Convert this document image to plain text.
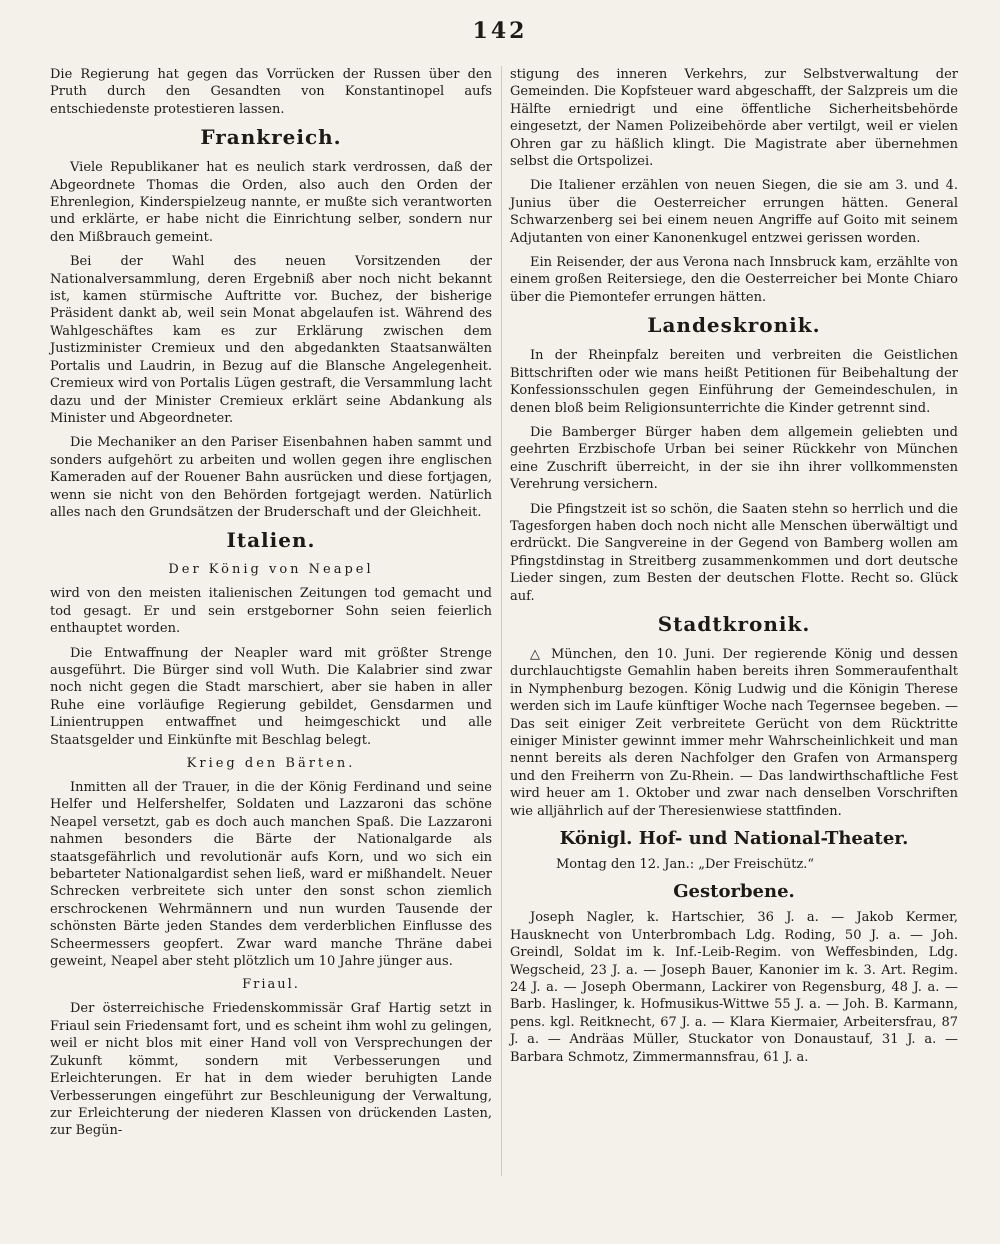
142

Die Regierung hat gegen das Vorrücken der Russen über den Pruth durch den Gesandten von Konstantinopel aufs entschiedenste protestieren lassen.

Frankreich.

Viele Republikaner hat es neulich stark verdrossen, daß der Abgeordnete Thomas die Orden, also auch den Orden der Ehrenlegion, Kinderspielzeug nannte, er mußte sich verantworten und erklärte, er habe nicht die Einrichtung selber, sondern nur den Mißbrauch gemeint.

Bei der Wahl des neuen Vorsitzenden der Nationalversammlung, deren Ergebniß aber noch nicht bekannt ist, kamen stürmische Auftritte vor. Buchez, der bisherige Präsident dankt ab, weil sein Monat abgelaufen ist. Während des Wahlgeschäftes kam es zur Erklärung zwischen dem Justizminister Cremieux und den abgedankten Staatsanwälten Portalis und Laudrin, in Bezug auf die Blansche Angelegenheit. Cremieux wird von Portalis Lügen gestraft, die Versammlung lacht dazu und der Minister Cremieux erklärt seine Abdankung als Minister und Abgeordneter.

Die Mechaniker an den Pariser Eisenbahnen haben sammt und sonders aufgehört zu arbeiten und wollen gegen ihre englischen Kameraden auf der Rouener Bahn ausrücken und diese fortjagen, wenn sie nicht von den Behörden fortgejagt werden. Natürlich alles nach den Grundsätzen der Bruderschaft und der Gleichheit.

Italien.
Der König von Neapel

wird von den meisten italienischen Zeitungen tod gemacht und tod gesagt. Er und sein erstgeborner Sohn seien feierlich enthauptet worden.

Die Entwaffnung der Neapler ward mit größter Strenge ausgeführt. Die Bürger sind voll Wuth. Die Kalabrier sind zwar noch nicht gegen die Stadt marschiert, aber sie haben in aller Ruhe eine vorläufige Regierung gebildet, Gensdarmen und Linientruppen entwaffnet und heimgeschickt und alle Staatsgelder und Einkünfte mit Beschlag belegt.

Krieg den Bärten.

Inmitten all der Trauer, in die der König Ferdinand und seine Helfer und Helfershelfer, Soldaten und Lazzaroni das schöne Neapel versetzt, gab es doch auch manchen Spaß. Die Lazzaroni nahmen besonders die Bärte der Nationalgarde als staatsgefährlich und revolutionär aufs Korn, und wo sich ein bebarteter Nationalgardist sehen ließ, ward er mißhandelt. Neuer Schrecken verbreitete sich unter den sonst schon ziemlich erschrockenen Wehrmännern und nun wurden Tausende der schönsten Bärte jeden Standes dem verderblichen Einflusse des Scheermessers geopfert. Zwar ward manche Thräne dabei geweint, Neapel aber steht plötzlich um 10 Jahre jünger aus.

Friaul.

Der österreichische Friedenskommissär Graf Hartig setzt in Friaul sein Friedensamt fort, und es scheint ihm wohl zu gelingen, weil er nicht blos mit einer Hand voll von Versprechungen der Zukunft kömmt, sondern mit Verbesserungen und Erleichterungen. Er hat in dem wieder beruhigten Lande Verbesserungen eingeführt zur Beschleunigung der Verwaltung, zur Erleichterung der niederen Klassen von drückenden Lasten, zur Begün-

stigung des inneren Verkehrs, zur Selbstverwaltung der Gemeinden. Die Kopfsteuer ward abgeschafft, der Salzpreis um die Hälfte erniedrigt und eine öffentliche Sicherheitsbehörde eingesetzt, der Namen Polizeibehörde aber vertilgt, weil er vielen Ohren gar zu häßlich klingt. Die Magistrate aber übernehmen selbst die Ortspolizei.

Die Italiener erzählen von neuen Siegen, die sie am 3. und 4. Junius über die Oesterreicher errungen hätten. General Schwarzenberg sei bei einem neuen Angriffe auf Goito mit seinem Adjutanten von einer Kanonenkugel entzwei gerissen worden.

Ein Reisender, der aus Verona nach Innsbruck kam, erzählte von einem großen Reitersiege, den die Oesterreicher bei Monte Chiaro über die Piemontefer errungen hätten.

Landeskronik.

In der Rheinpfalz bereiten und verbreiten die Geistlichen Bittschriften oder wie mans heißt Petitionen für Beibehaltung der Konfessionsschulen gegen Einführung der Gemeindeschulen, in denen bloß beim Religionsunterrichte die Kinder getrennt sind.

Die Bamberger Bürger haben dem allgemein geliebten und geehrten Erzbischofe Urban bei seiner Rückkehr von München eine Zuschrift überreicht, in der sie ihn ihrer vollkommensten Verehrung versichern.

Die Pfingstzeit ist so schön, die Saaten stehn so herrlich und die Tagesforgen haben doch noch nicht alle Menschen überwältigt und erdrückt. Die Sangvereine in der Gegend von Bamberg wollen am Pfingstdinstag in Streitberg zusammenkommen und dort deutsche Lieder singen, zum Besten der deutschen Flotte. Recht so. Glück auf.

Stadtkronik.

△ München, den 10. Juni. Der regierende König und dessen durchlauchtigste Gemahlin haben bereits ihren Sommeraufenthalt in Nymphenburg bezogen. König Ludwig und die Königin Therese werden sich im Laufe künftiger Woche nach Tegernsee begeben. — Das seit einiger Zeit verbreitete Gerücht von dem Rücktritte einiger Minister gewinnt immer mehr Wahrscheinlichkeit und man nennt bereits als deren Nachfolger den Grafen von Armansperg und den Freiherrn von Zu-Rhein. — Das landwirthschaftliche Fest wird heuer am 1. Oktober und zwar nach denselben Vorschriften wie alljährlich auf der Theresienwiese stattfinden.

Königl. Hof- und National-Theater.
Montag den 12. Jan.: „Der Freischütz.“
Gestorbene.

Joseph Nagler, k. Hartschier, 36 J. a. — Jakob Kermer, Hausknecht von Unterbrombach Ldg. Roding, 50 J. a. — Joh. Greindl, Soldat im k. Inf.-Leib-Regim. von Weffesbinden, Ldg. Wegscheid, 23 J. a. — Joseph Bauer, Kanonier im k. 3. Art. Regim. 24 J. a. — Joseph Obermann, Lackirer von Regensburg, 48 J. a. — Barb. Haslinger, k. Hofmusikus-Wittwe 55 J. a. — Joh. B. Karmann, pens. kgl. Reitknecht, 67 J. a. — Klara Kiermaier, Arbeitersfrau, 87 J. a. — Andräas Müller, Stuckator von Donaustauf, 31 J. a. — Barbara Schmotz, Zimmermannsfrau, 61 J. a.
